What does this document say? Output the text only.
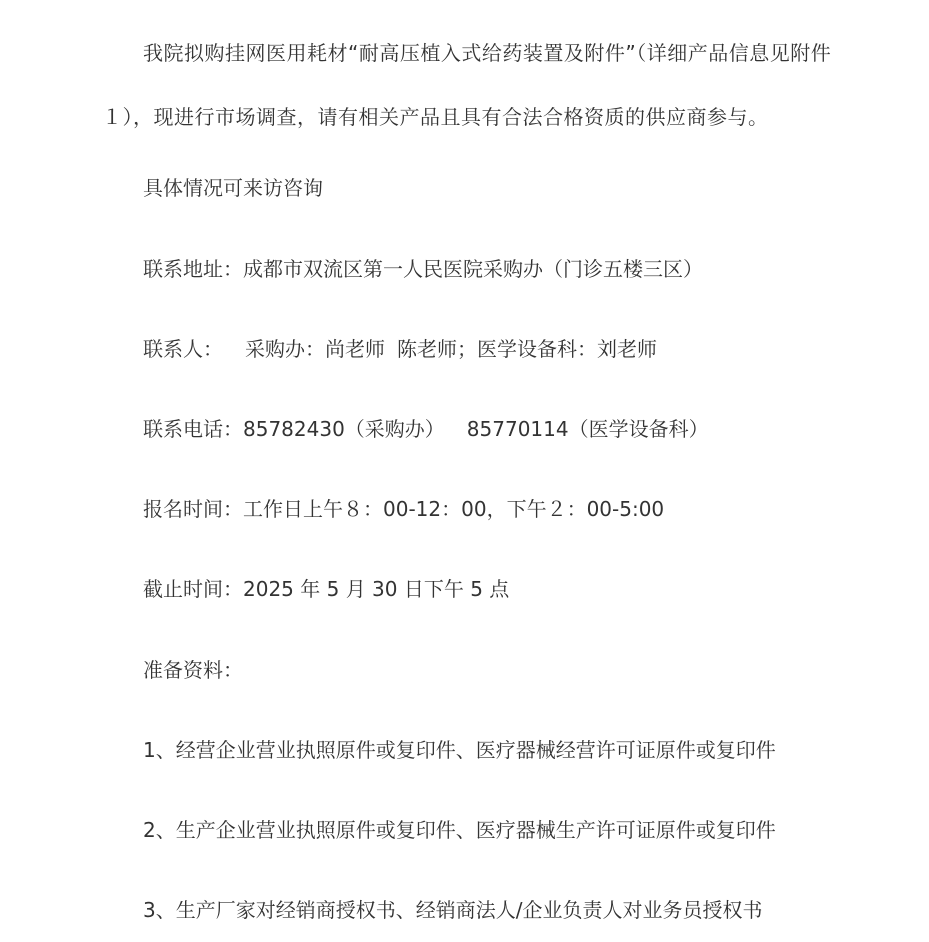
我院拟购挂网医用耗材“耐高压植入式给药装置及附件”（详细产品信息见附件１），现进行市场调查，请有相关产品且具有合法合格资质的供应商参与。

具体情况可来访咨询

联系地址：成都市双流区第一人民医院采购办（门诊五楼三区）

联系人： 采购办：尚老师 陈老师；医学设备科：刘老师

联系电话：85782430（采购办） 85770114（医学设备科）

报名时间：工作日上午８：00-12：00，下午２：00-5:00

截止时间：2025 年 5 月 30 日下午 5 点

准备资料：

1、经营企业营业执照原件或复印件、医疗器械经营许可证原件或复印件

2、生产企业营业执照原件或复印件、医疗器械生产许可证原件或复印件

3、生产厂家对经销商授权书、经销商法人/企业负责人对业务员授权书
